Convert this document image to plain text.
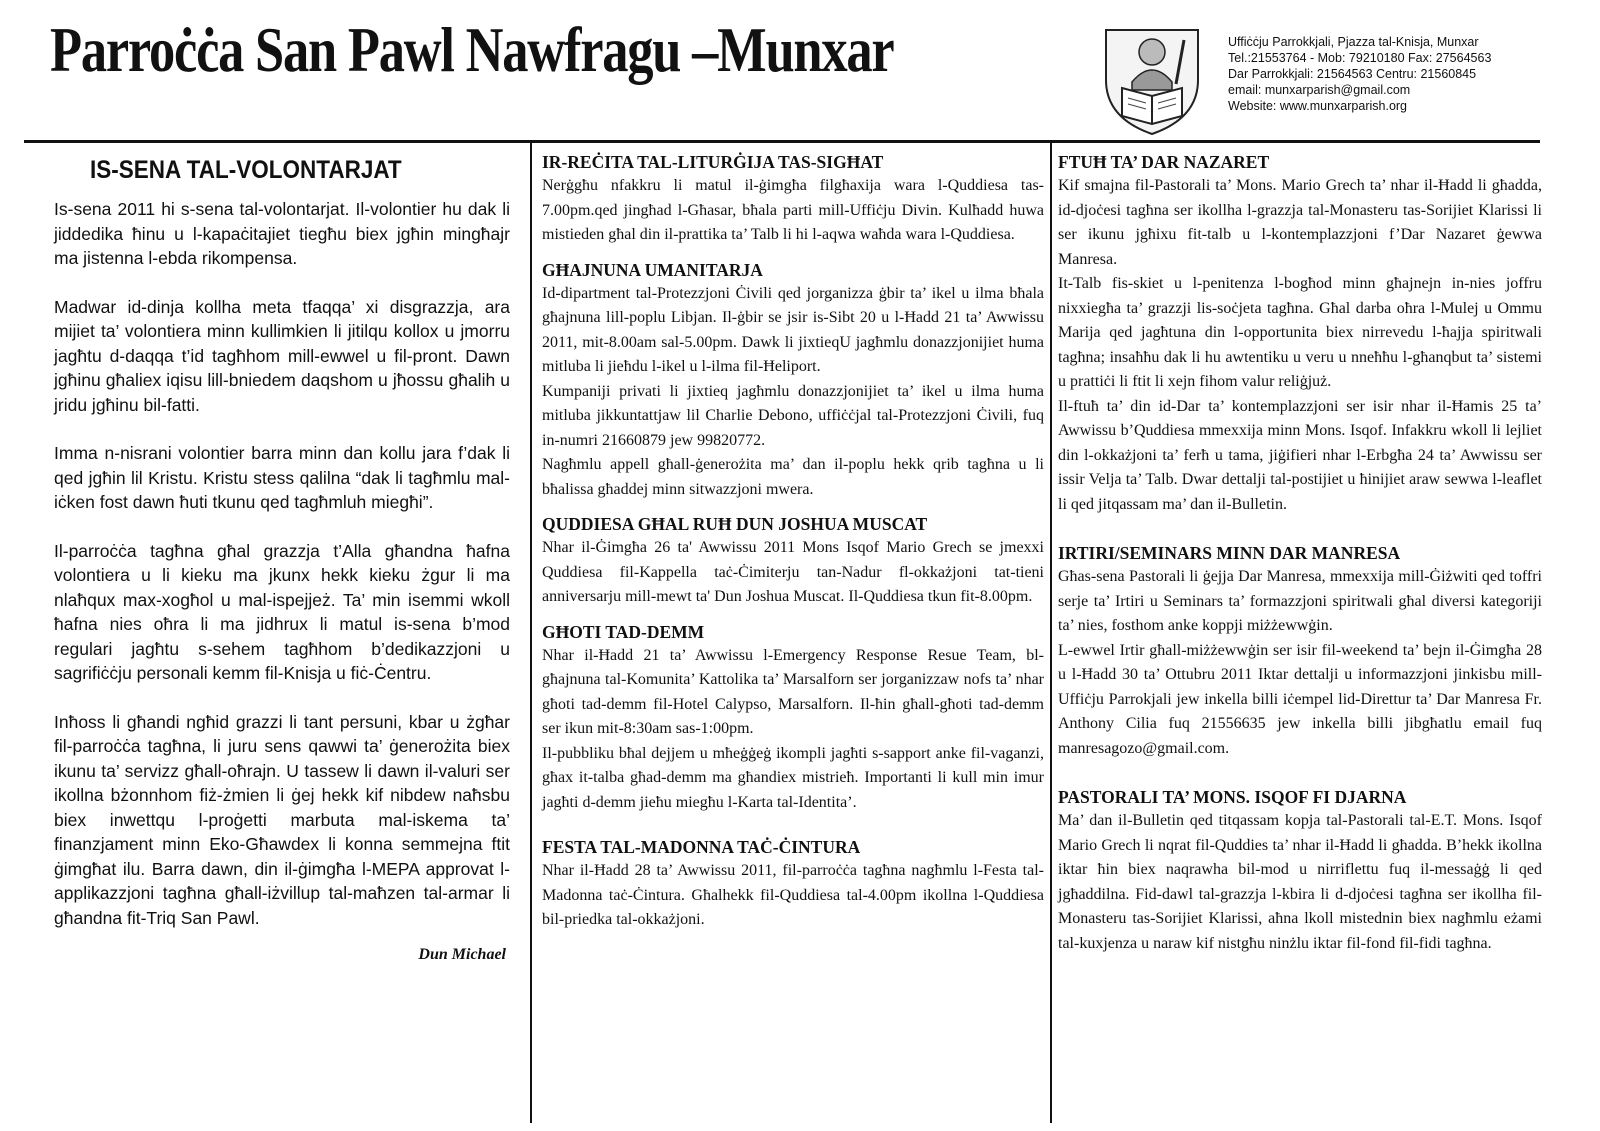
Parroċċa San Pawl Nawfragu –Munxar	Uffiċċju Parrokkjali, Pjazza tal-Knisja, Munxar
Tel.:21553764 - Mob: 79210180 Fax: 27564563
Dar Parrokkjali: 21564563 Centru: 21560845
email: munxarparish@gmail.com
Website: www.munxarparish.org
IS-SENA TAL-VOLONTARJAT

Is-sena 2011 hi s-sena tal-volontarjat. Il-volontier hu dak li jiddedika ħinu u l-kapaċitajiet tiegħu biex jgħin mingħajr ma jistenna l-ebda rikompensa.

Madwar id-dinja kollha meta tfaqqa’ xi disgrazzja, ara mijiet ta’ volontiera minn kullimkien li jitilqu kollox u jmorru jagħtu d-daqqa t’id tagħhom mill-ewwel u fil-pront. Dawn jgħinu għaliex iqisu lill-bniedem daqshom u jħossu għalih u jridu jgħinu bil-fatti.

Imma n-nisrani volontier barra minn dan kollu jara f’dak li qed jgħin lil Kristu. Kristu stess qalilna “dak li tagħmlu mal-iċken fost dawn ħuti tkunu qed tagħmluh miegħi”.

Il-parroċċa tagħna għal grazzja t’Alla għandna ħafna volontiera u li kieku ma jkunx hekk kieku żgur li ma nlaħqux max-xogħol u mal-ispejjeż. Ta’ min isemmi wkoll ħafna nies oħra li ma jidhrux li matul is-sena b’mod regulari jagħtu s-sehem tagħhom b’dedikazzjoni u sagrifiċċju personali kemm fil-Knisja u fiċ-Ċentru.

Inħoss li għandi ngħid grazzi li tant persuni, kbar u żgħar fil-parroċċa tagħna, li juru sens qawwi ta’ ġenerożita biex ikunu ta’ servizz għall-oħrajn. U tassew li dawn il-valuri ser ikollna bżonnhom fiż-żmien li ġej hekk kif nibdew naħsbu biex inwettqu l-proġetti marbuta mal-iskema ta’ finanzjament minn Eko-Għawdex li konna semmejna ftit ġimgħat ilu. Barra dawn, din il-ġimgħa l-MEPA approvat l-applikazzjoni tagħna għall-iżvillup tal-maħzen tal-armar li għandna fit-Triq San Pawl.

Dun Michael
IR-REĊITA TAL-LITURĠIJA TAS-SIGĦAT

Nerġgħu nfakkru li matul il-ġimgħa filgħaxija wara l-Quddiesa tas-7.00pm.qed jingħad l-Għasar, bħala parti mill-Uffiċju Divin. Kulħadd huwa mistieden għal din il-prattika ta’ Talb li hi l-aqwa waħda wara l-Quddiesa.

GĦAJNUNA UMANITARJA

Id-dipartment tal-Protezzjoni Ċivili qed jorganizza ġbir ta’ ikel u ilma bħala għajnuna lill-poplu Libjan. Il-ġbir se jsir is-Sibt 20 u l-Ħadd 21 ta’ Awwissu 2011, mit-8.00am sal-5.00pm. Dawk li jixtieqU jagħmlu donazzjonijiet huma mitluba li jieħdu l-ikel u l-ilma fil-Ħeliport.

Kumpaniji privati li jixtieq jagħmlu donazzjonijiet ta’ ikel u ilma huma mitluba jikkuntattjaw lil Charlie Debono, uffiċċjal tal-Protezzjoni Ċivili, fuq in-numri 21660879 jew 99820772.

Nagħmlu appell għall-ġenerożita ma’ dan il-poplu hekk qrib tagħna u li bħalissa għaddej minn sitwazzjoni mwera.

QUDDIESA GĦAL RUĦ DUN JOSHUA MUSCAT

Nhar il-Ġimgħa 26 ta' Awwissu 2011 Mons Isqof Mario Grech se jmexxi Quddiesa fil-Kappella taċ-Ċimiterju tan-Nadur fl-okkażjoni tat-tieni anniversarju mill-mewt ta' Dun Joshua Muscat. Il-Quddiesa tkun fit-8.00pm.

GĦOTI TAD-DEMM

Nhar il-Ħadd 21 ta’ Awwissu l-Emergency Response Resue Team, bl-għajnuna tal-Komunita’ Kattolika ta’ Marsalforn ser jorganizzaw nofs ta’ nhar għoti tad-demm fil-Hotel Calypso, Marsalforn. Il-ħin għall-għoti tad-demm ser ikun mit-8:30am sas-1:00pm.

Il-pubbliku bħal dejjem u mħeġġeġ ikompli jagħti s-sapport anke fil-vaganzi, għax it-talba għad-demm ma għandiex mistrieħ. Importanti li kull min imur jagħti d-demm jieħu miegħu l-Karta tal-Identita’.

FESTA TAL-MADONNA TAĊ-ĊINTURA

Nhar il-Ħadd 28 ta’ Awwissu 2011, fil-parroċċa tagħna nagħmlu l-Festa tal-Madonna taċ-Ċintura. Għalhekk fil-Quddiesa tal-4.00pm ikollna l-Quddiesa bil-priedka tal-okkażjoni.

FTUĦ TA’ DAR NAZARET

Kif smajna fil-Pastorali ta’ Mons. Mario Grech ta’ nhar il-Ħadd li għadda, id-djoċesi tagħna ser ikollha l-grazzja tal-Monasteru tas-Sorijiet Klarissi li ser ikunu jgħixu fit-talb u l-kontemplazzjoni f’Dar Nazaret ġewwa Manresa.

It-Talb fis-skiet u l-penitenza l-bogħod minn għajnejn in-nies joffru nixxiegħa ta’ grazzji lis-soċjeta tagħna. Għal darba oħra l-Mulej u Ommu Marija qed jagħtuna din l-opportunita biex nirrevedu l-ħajja spiritwali tagħna; insaħħu dak li hu awtentiku u veru u nneħħu l-għanqbut ta’ sistemi u prattiċi li ftit li xejn fihom valur reliġjuż.

Il-ftuħ ta’ din id-Dar ta’ kontemplazzjoni ser isir nhar il-Ħamis 25 ta’ Awwissu b’Quddiesa mmexxija minn Mons. Isqof. Infakkru wkoll li lejliet din l-okkażjoni ta’ ferħ u tama, jiġifieri nhar l-Erbgħa 24 ta’ Awwissu ser issir Velja ta’ Talb. Dwar dettalji tal-postijiet u ħinijiet araw sewwa l-leaflet li qed jitqassam ma’ dan il-Bulletin.

IRTIRI/SEMINARS MINN DAR MANRESA

Għas-sena Pastorali li ġejja Dar Manresa, mmexxija mill-Ġiżwiti qed toffri serje ta’ Irtiri u Seminars ta’ formazzjoni spiritwali għal diversi kategoriji ta’ nies, fosthom anke koppji miżżewwġin.

L-ewwel Irtir għall-miżżewwġin ser isir fil-weekend ta’ bejn il-Ġimgħa 28 u l-Ħadd 30 ta’ Ottubru 2011 Iktar dettalji u informazzjoni jinkisbu mill-Uffiċju Parrokjali jew inkella billi iċempel lid-Direttur ta’ Dar Manresa Fr. Anthony Cilia fuq 21556635 jew inkella billi jibgħatlu email fuq manresagozo@gmail.com.

PASTORALI TA’ MONS. ISQOF FI DJARNA

Ma’ dan il-Bulletin qed titqassam kopja tal-Pastorali tal-E.T. Mons. Isqof Mario Grech li nqrat fil-Quddies ta’ nhar il-Ħadd li għadda. B’hekk ikollna iktar ħin biex naqrawha bil-mod u nirriflettu fuq il-messaġġ li qed jgħaddilna. Fid-dawl tal-grazzja l-kbira li d-djoċesi tagħna ser ikollha fil-Monasteru tas-Sorijiet Klarissi, aħna lkoll mistednin biex nagħmlu eżami tal-kuxjenza u naraw kif nistgħu ninżlu iktar fil-fond fil-fidi tagħna.
